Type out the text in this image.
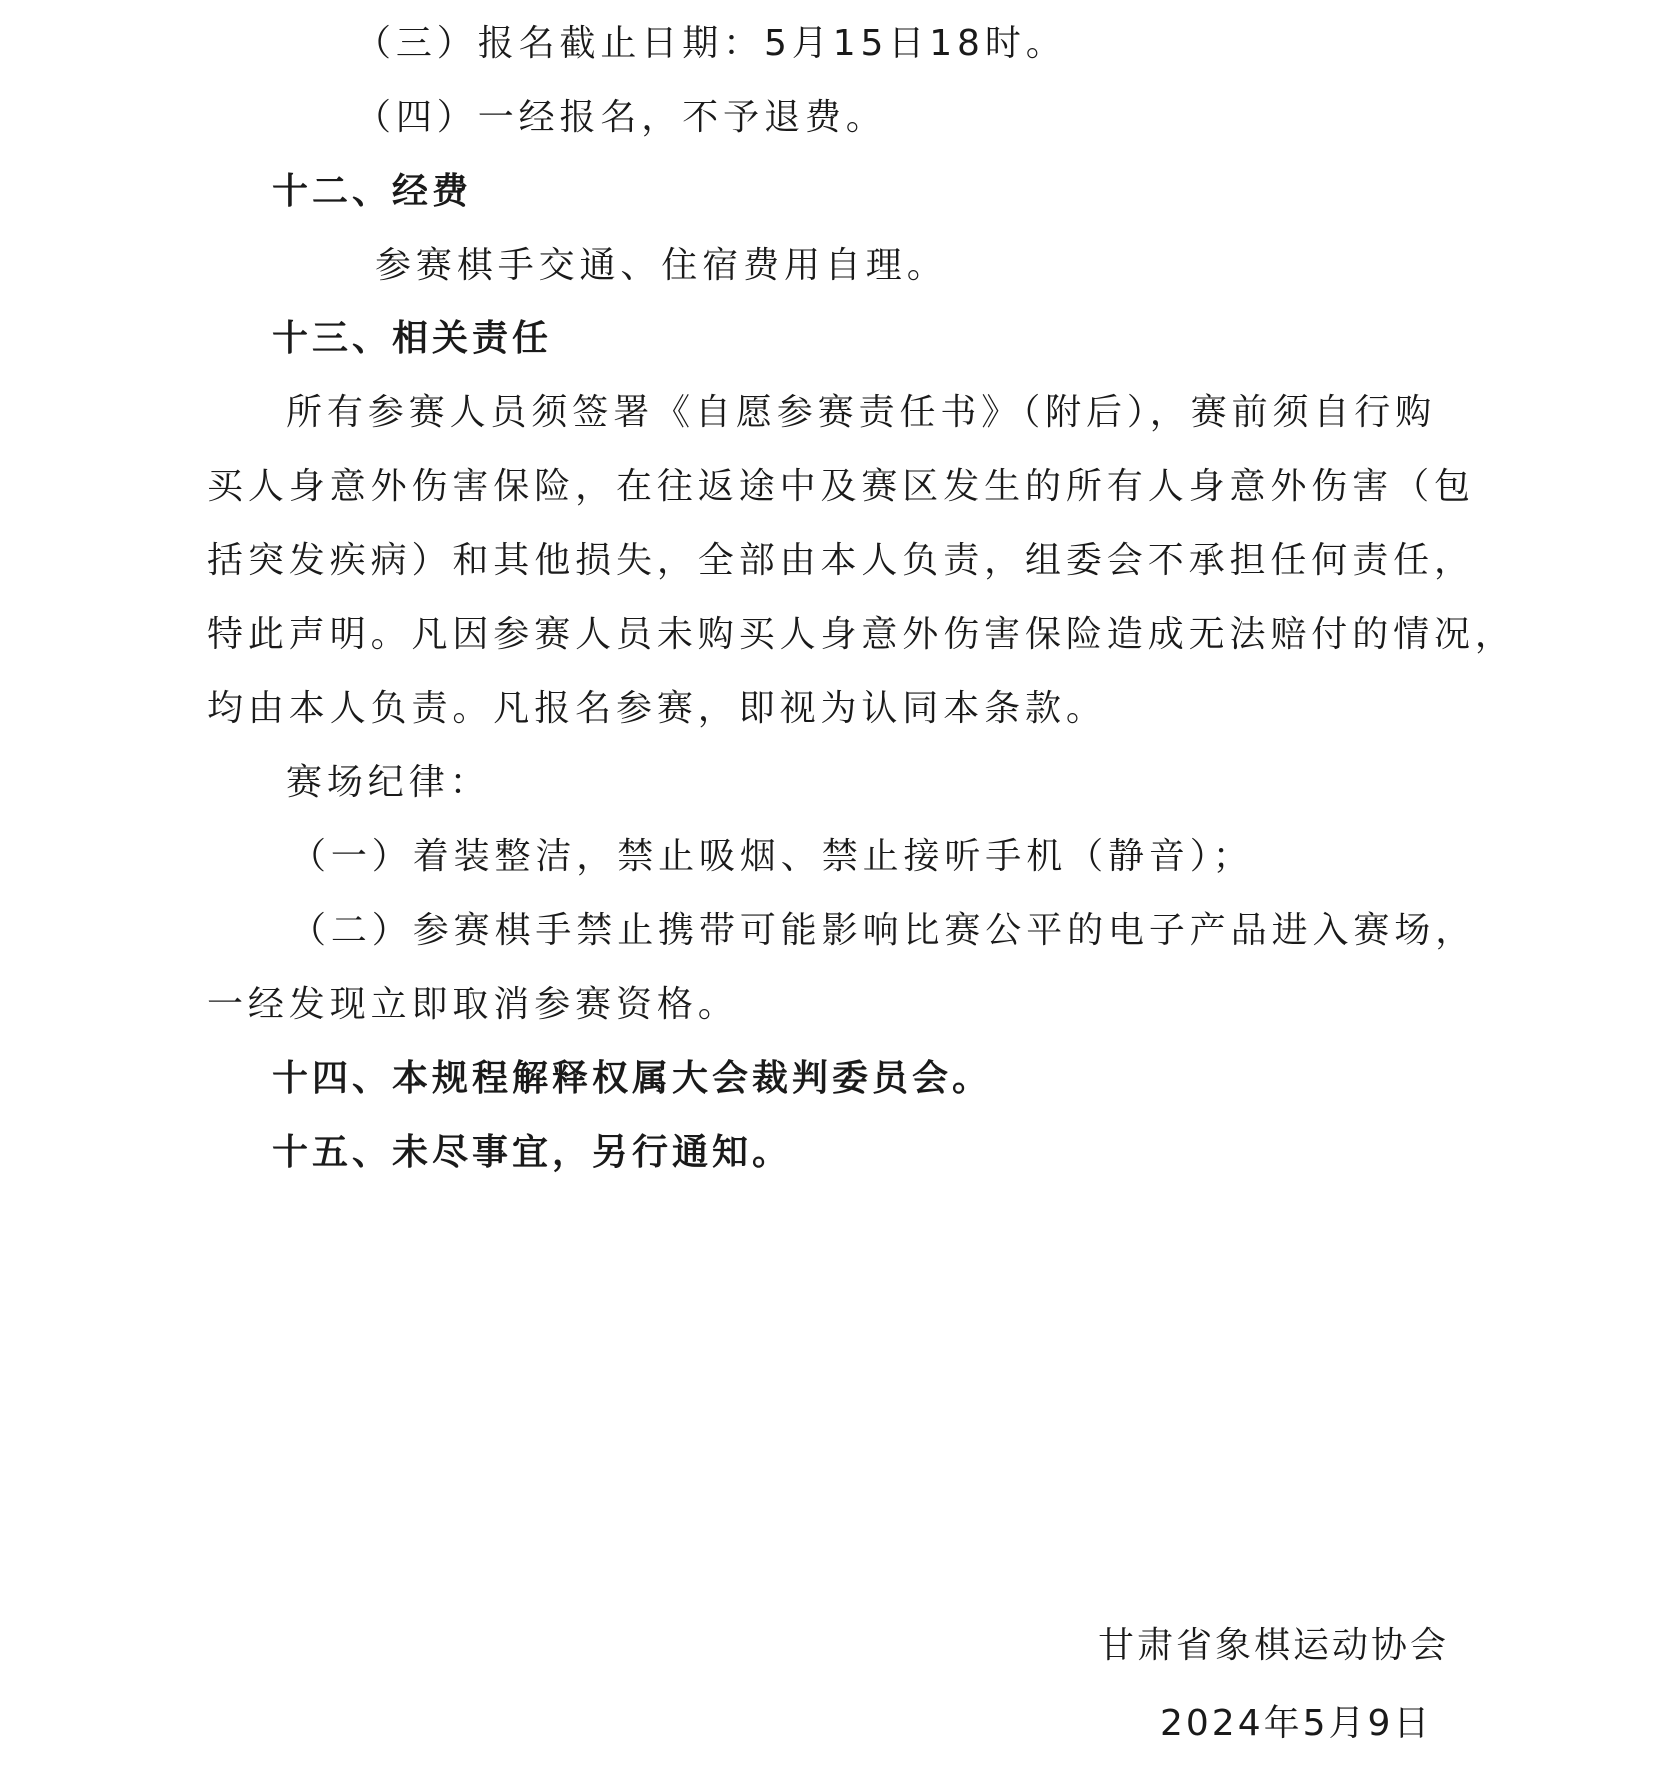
（三）报名截止日期：5月15日18时。
（四）一经报名，不予退费。
十二、经费
参赛棋手交通、住宿费用自理。
十三、相关责任
所有参赛人员须签署《自愿参赛责任书》（附后），赛前须自行购
买人身意外伤害保险，在往返途中及赛区发生的所有人身意外伤害（包
括突发疾病）和其他损失，全部由本人负责，组委会不承担任何责任，
特此声明。凡因参赛人员未购买人身意外伤害保险造成无法赔付的情况，
均由本人负责。凡报名参赛，即视为认同本条款。
赛场纪律：
（一）着装整洁，禁止吸烟、禁止接听手机（静音）；
（二）参赛棋手禁止携带可能影响比赛公平的电子产品进入赛场，
一经发现立即取消参赛资格。
十四、本规程解释权属大会裁判委员会。
十五、未尽事宜，另行通知。
甘肃省象棋运动协会
2024年5月9日
